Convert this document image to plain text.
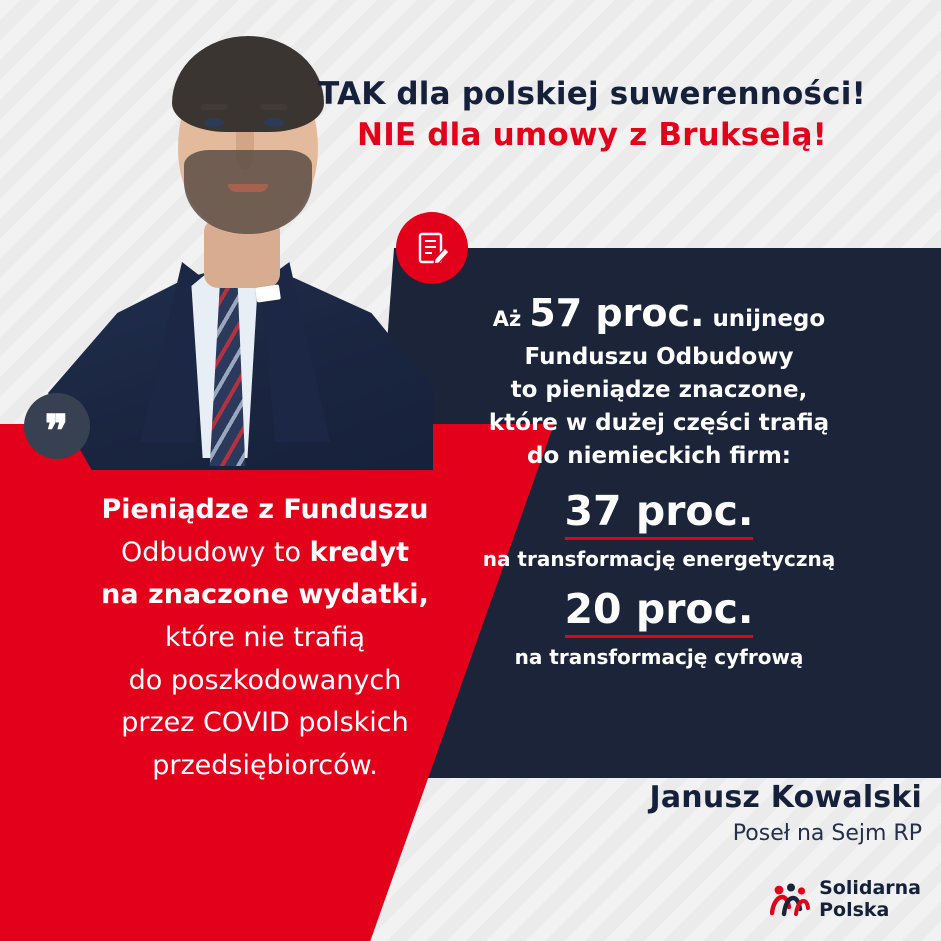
TAK dla polskiej suwerenności!
NIE dla umowy z Brukselą!
❞
Aż 57 proc. unijnego
Funduszu Odbudowy
to pieniądze znaczone,
które w dużej części trafią
do niemieckich firm:
37 proc.
na transformację energetyczną
20 proc.
na transformację cyfrową
Pieniądze z Funduszu
Odbudowy to kredyt
na znaczone wydatki,
które nie trafią
do poszkodowanych
przez COVID polskich
przedsiębiorców.
Janusz Kowalski
Poseł na Sejm RP
Solidarna
Polska
